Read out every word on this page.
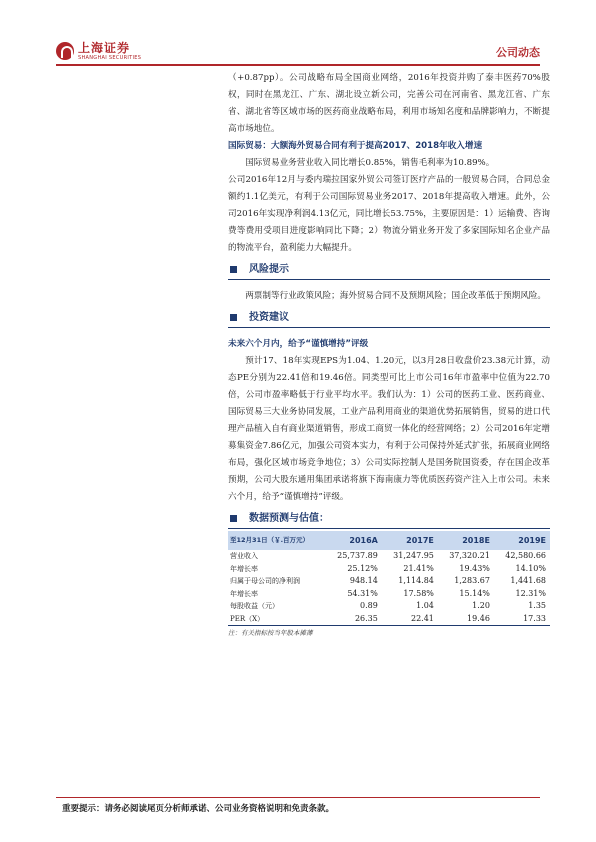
上海证券
SHANGHAI SECURITIES	公司动态

（+0.87pp）。公司战略布局全国商业网络，2016年投资并购了泰丰医药70%股权，同时在黑龙江、广东、湖北设立新公司，完善公司在河南省、黑龙江省、广东省、湖北省等区域市场的医药商业战略布局，利用市场知名度和品牌影响力，不断提高市场地位。

国际贸易：大额海外贸易合同有利于提高2017、2018年收入增速

国际贸易业务营业收入同比增长0.85%，销售毛利率为10.89%。

公司2016年12月与委内瑞拉国家外贸公司签订医疗产品的一般贸易合同，合同总金额约1.1亿美元，有利于公司国际贸易业务2017、2018年提高收入增速。此外，公司2016年实现净利润4.13亿元，同比增长53.75%，主要原因是：1）运输费、咨询费等费用受项目进度影响同比下降；2）物流分销业务开发了多家国际知名企业产品的物流平台，盈利能力大幅提升。

风险提示

两票制等行业政策风险；海外贸易合同不及预期风险；国企改革低于预期风险。

投资建议

未来六个月内，给予“谨慎增持”评级

预计17、18年实现EPS为1.04、1.20元，以3月28日收盘价23.38元计算，动态PE分别为22.41倍和19.46倍。同类型可比上市公司16年市盈率中位值为22.70倍，公司市盈率略低于行业平均水平。我们认为：1）公司的医药工业、医药商业、国际贸易三大业务协同发展，工业产品利用商业的渠道优势拓展销售，贸易的进口代理产品植入自有商业渠道销售，形成工商贸一体化的经营网络；2）公司2016年定增募集资金7.86亿元，加强公司资本实力，有利于公司保持外延式扩张，拓展商业网络布局，强化区域市场竞争地位；3）公司实际控制人是国务院国资委，存在国企改革预期，公司大股东通用集团承诺将旗下海南康力等优质医药资产注入上市公司。未来六个月，给予“谨慎增持”评级。

数据预测与估值：
至12月31日（￥.百万元）	2016A	2017E	2018E	2019E
营业收入	25,737.89	31,247.95	37,320.21	42,580.66
年增长率	25.12%	21.41%	19.43%	14.10%
归属于母公司的净利润	948.14	1,114.84	1,283.67	1,441.68
年增长率	54.31%	17.58%	15.14%	12.31%
每股收益（元）	0.89	1.04	1.20	1.35
PER（X）	26.35	22.41	19.46	17.33

注：有关指标按当年股本摊薄

重要提示：请务必阅读尾页分析师承诺、公司业务资格说明和免责条款。
